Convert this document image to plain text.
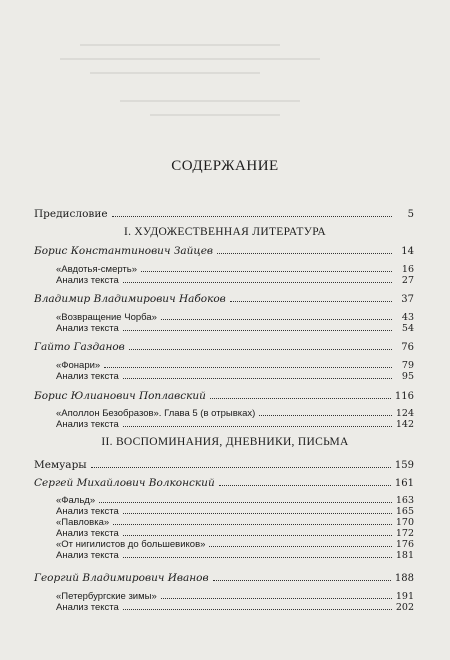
СОДЕРЖАНИЕ
Предисловие	5
I. ХУДОЖЕСТВЕННАЯ ЛИТЕРАТУРА
Борис Константинович Зайцев	14
«Авдотья-смерть»	16
Анализ текста	27
Владимир Владимирович Набоков	37
«Возвращение Чорба»	43
Анализ текста	54
Гайто Газданов	76
«Фонари»	79
Анализ текста	95
Борис Юлианович Поплавский	116
«Аполлон Безобразов». Глава 5 (в отрывках)	124
Анализ текста	142
II. ВОСПОМИНАНИЯ, ДНЕВНИКИ, ПИСЬМА
Мемуары	159
Сергей Михайлович Волконский	161
«Фальд»	163
Анализ текста	165
«Павловка»	170
Анализ текста	172
«От нигилистов до большевиков»	176
Анализ текста	181
Георгий Владимирович Иванов	188
«Петербургские зимы»	191
Анализ текста	202
